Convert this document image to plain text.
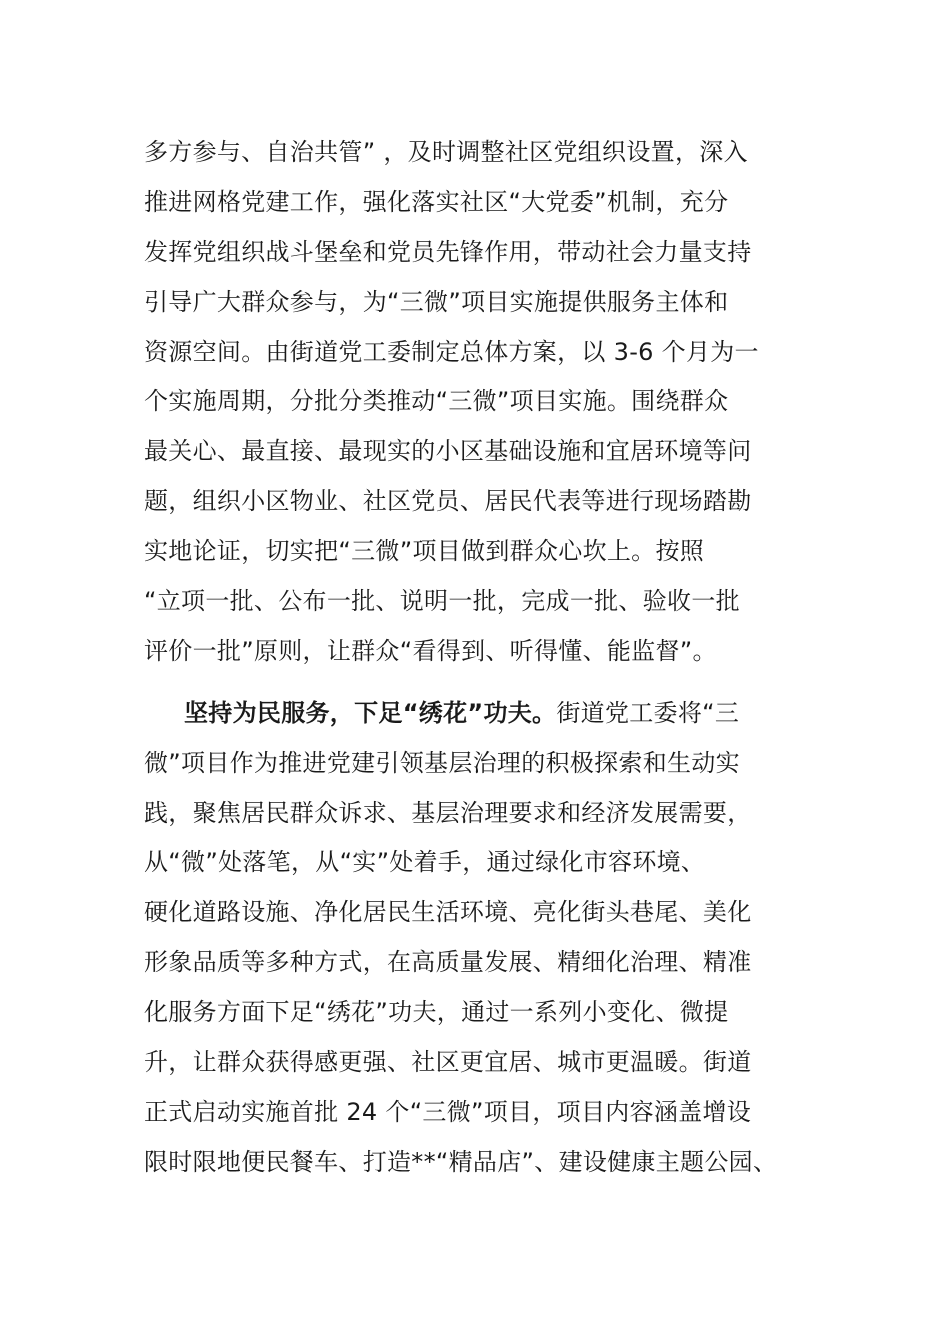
多方参与、自治共管” ，及时调整社区党组织设置，深入
推进网格党建工作，强化落实社区“大党委”机制，充分
发挥党组织战斗堡垒和党员先锋作用，带动社会力量支持
引导广大群众参与，为“三微”项目实施提供服务主体和
资源空间。由街道党工委制定总体方案，以 3-6 个月为一
个实施周期，分批分类推动“三微”项目实施。围绕群众
最关心、最直接、最现实的小区基础设施和宜居环境等问
题，组织小区物业、社区党员、居民代表等进行现场踏勘
实地论证，切实把“三微”项目做到群众心坎上。按照
“立项一批、公布一批、说明一批，完成一批、验收一批
评价一批”原则，让群众“看得到、听得懂、能监督”。
坚持为民服务，下足“绣花”功夫。街道党工委将“三
微”项目作为推进党建引领基层治理的积极探索和生动实
践，聚焦居民群众诉求、基层治理要求和经济发展需要，
从“微”处落笔，从“实”处着手，通过绿化市容环境、
硬化道路设施、净化居民生活环境、亮化街头巷尾、美化
形象品质等多种方式，在高质量发展、精细化治理、精准
化服务方面下足“绣花”功夫，通过一系列小变化、微提
升，让群众获得感更强、社区更宜居、城市更温暖。街道
正式启动实施首批 24 个“三微”项目，项目内容涵盖增设
限时限地便民餐车、打造**“精品店”、建设健康主题公园、
